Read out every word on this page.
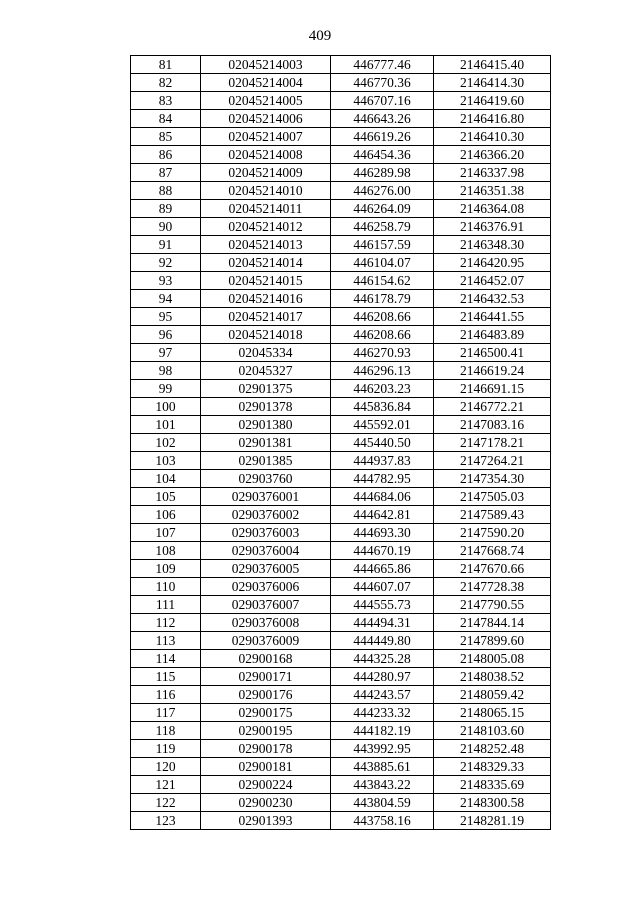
409
81	02045214003	446777.46	2146415.40
82	02045214004	446770.36	2146414.30
83	02045214005	446707.16	2146419.60
84	02045214006	446643.26	2146416.80
85	02045214007	446619.26	2146410.30
86	02045214008	446454.36	2146366.20
87	02045214009	446289.98	2146337.98
88	02045214010	446276.00	2146351.38
89	02045214011	446264.09	2146364.08
90	02045214012	446258.79	2146376.91
91	02045214013	446157.59	2146348.30
92	02045214014	446104.07	2146420.95
93	02045214015	446154.62	2146452.07
94	02045214016	446178.79	2146432.53
95	02045214017	446208.66	2146441.55
96	02045214018	446208.66	2146483.89
97	02045334	446270.93	2146500.41
98	02045327	446296.13	2146619.24
99	02901375	446203.23	2146691.15
100	02901378	445836.84	2146772.21
101	02901380	445592.01	2147083.16
102	02901381	445440.50	2147178.21
103	02901385	444937.83	2147264.21
104	02903760	444782.95	2147354.30
105	0290376001	444684.06	2147505.03
106	0290376002	444642.81	2147589.43
107	0290376003	444693.30	2147590.20
108	0290376004	444670.19	2147668.74
109	0290376005	444665.86	2147670.66
110	0290376006	444607.07	2147728.38
111	0290376007	444555.73	2147790.55
112	0290376008	444494.31	2147844.14
113	0290376009	444449.80	2147899.60
114	02900168	444325.28	2148005.08
115	02900171	444280.97	2148038.52
116	02900176	444243.57	2148059.42
117	02900175	444233.32	2148065.15
118	02900195	444182.19	2148103.60
119	02900178	443992.95	2148252.48
120	02900181	443885.61	2148329.33
121	02900224	443843.22	2148335.69
122	02900230	443804.59	2148300.58
123	02901393	443758.16	2148281.19
